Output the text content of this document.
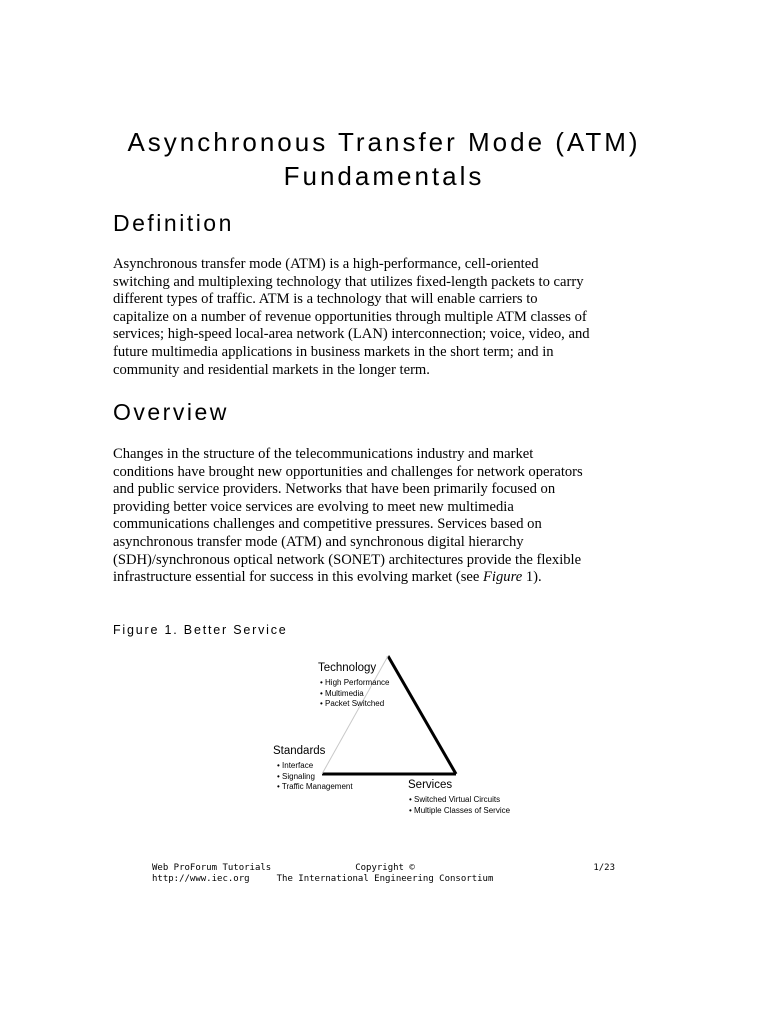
Asynchronous Transfer Mode (ATM)
Fundamentals
Definition
Asynchronous transfer mode (ATM) is a high-performance, cell-oriented
switching and multiplexing technology that utilizes fixed-length packets to carry
different types of traffic. ATM is a technology that will enable carriers to
capitalize on a number of revenue opportunities through multiple ATM classes of
services; high-speed local-area network (LAN) interconnection; voice, video, and
future multimedia applications in business markets in the short term; and in
community and residential markets in the longer term.
Overview
Changes in the structure of the telecommunications industry and market
conditions have brought new opportunities and challenges for network operators
and public service providers. Networks that have been primarily focused on
providing better voice services are evolving to meet new multimedia
communications challenges and competitive pressures. Services based on
asynchronous transfer mode (ATM) and synchronous digital hierarchy
(SDH)/synchronous optical network (SONET) architectures provide the flexible
infrastructure essential for success in this evolving market (see Figure 1).
Figure 1. Better Service
Technology
• High Performance
• Multimedia
• Packet Switched
Standards
• Interface
• Signaling
• Traffic Management	Services
• Switched Virtual Circuits
• Multiple Classes of Service
Web ProForum Tutorials
http://www.iec.org
Copyright ©
The International Engineering Consortium
1/23
